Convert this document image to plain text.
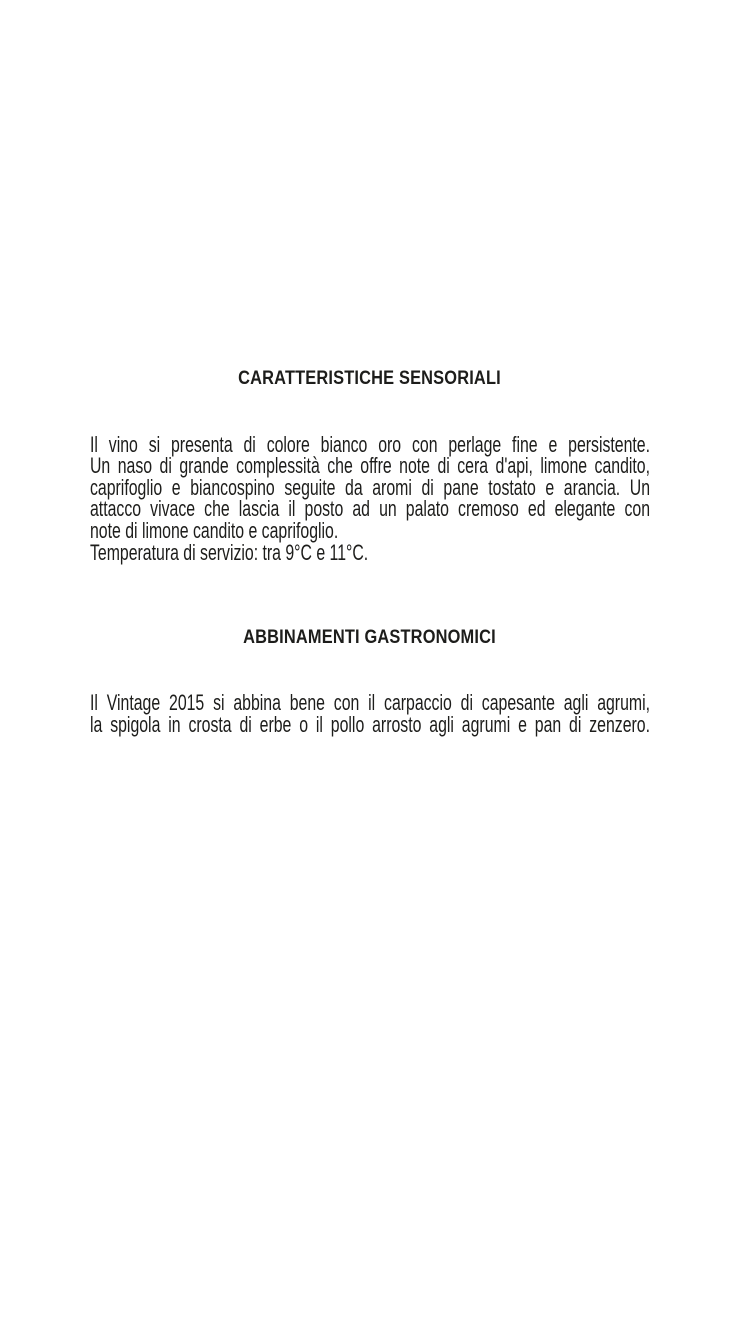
CARATTERISTICHE SENSORIALI
Il vino si presenta di colore bianco oro con perlage fine e persistente.
Un naso di grande complessità che offre note di cera d'api, limone candito,
caprifoglio e biancospino seguite da aromi di pane tostato e arancia. Un
attacco vivace che lascia il posto ad un palato cremoso ed elegante con
note di limone candito e caprifoglio.
Temperatura di servizio: tra 9°C e 11°C.
ABBINAMENTI GASTRONOMICI
Il Vintage 2015 si abbina bene con il carpaccio di capesante agli agrumi,
la spigola in crosta di erbe o il pollo arrosto agli agrumi e pan di zenzero.
